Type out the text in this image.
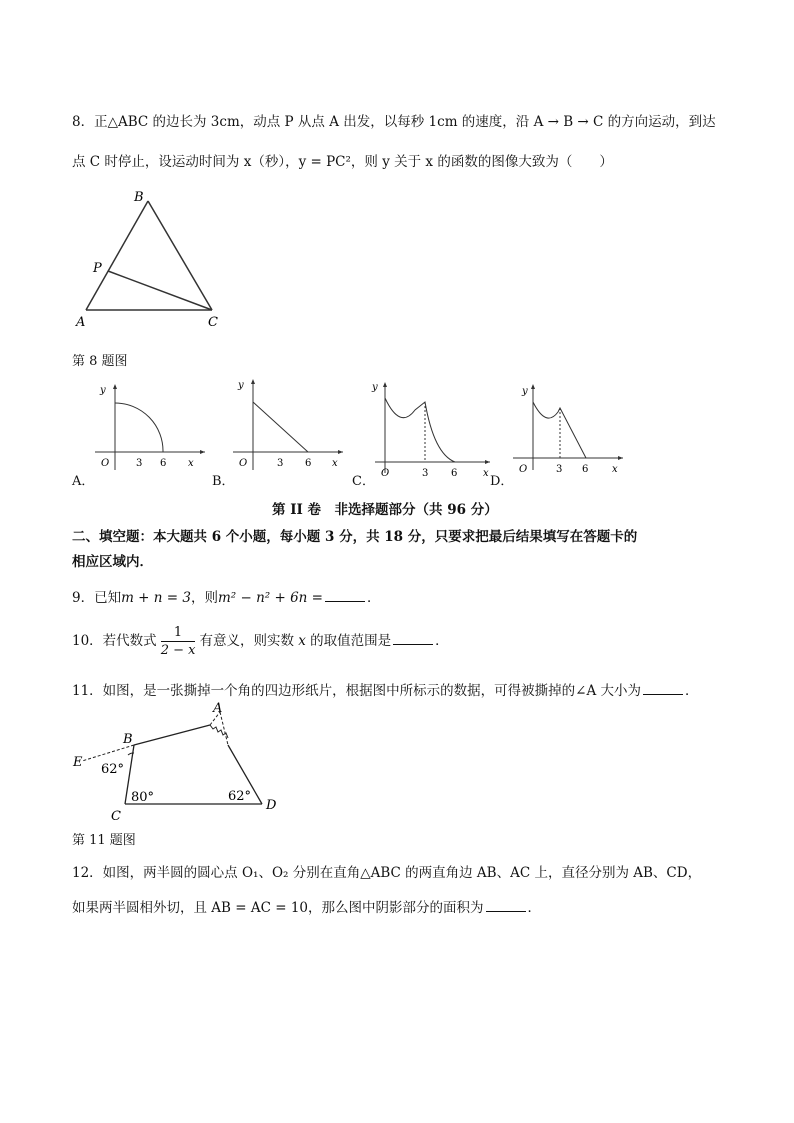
8．正△ABC 的边长为 3cm，动点 P 从点 A 出发，以每秒 1cm 的速度，沿 A → B → C 的方向运动，到达
点 C 时停止，设运动时间为 x（秒），y = PC²，则 y 关于 x 的函数的图像大致为（　　）
A
B
C
P
第 8 题图
y
O	3 6 x
y
O	3 6 x
y
O	3 6	x
y
O	3 6 x
A．	B．	C．	D．
第 II 卷　非选择题部分（共 96 分）
二、填空题：本大题共 6 个小题，每小题 3 分，共 18 分，只要求把最后结果填写在答题卡的
相应区域内．
9．已知m + n = 3，则m² − n² + 6n =	．
10．若代数式 $\frac{1}{2 - x}$ 有意义，则实数 x 的取值范围是	．
11．如图，是一张撕掉一个角的四边形纸片，根据图中所标示的数据，可得被撕掉的∠A 大小为	．
A
B
C
D
E 62°
80°	62°
第 11 题图
12．如图，两半圆的圆心点 O₁、O₂ 分别在直角△ABC 的两直角边 AB、AC 上，直径分别为 AB、CD，
如果两半圆相外切，且 AB = AC = 10，那么图中阴影部分的面积为	．
